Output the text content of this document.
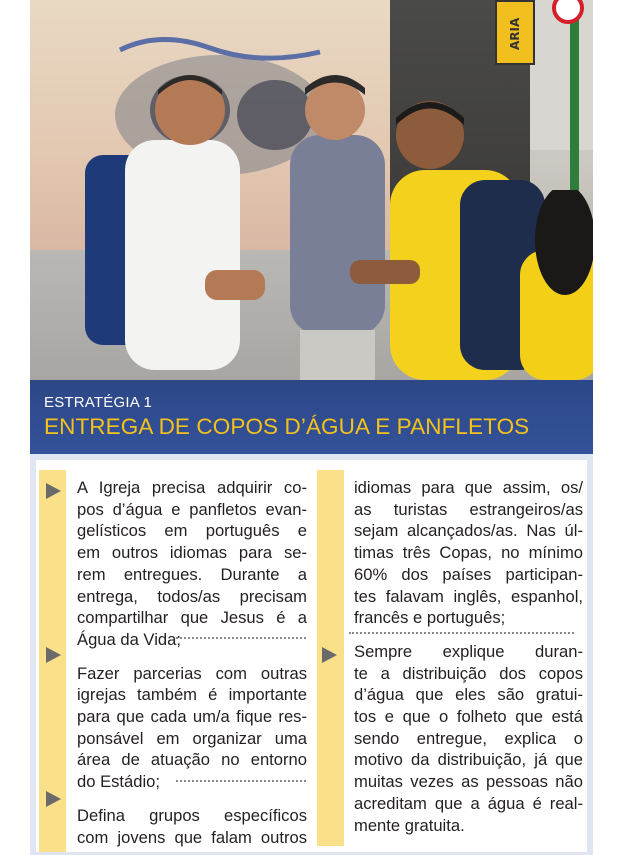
ARIA
ESTRATÉGIA 1
ENTREGA DE COPOS D’ÁGUA E PANFLETOS

A Igreja precisa adquirir co-
pos d’água e panfletos evan-
gelísticos em português e
em outros idiomas para se-
rem entregues. Durante a
entrega, todos/as precisam
compartilhar que Jesus é a
Água da Vida;

Fazer parcerias com outras
igrejas também é importante
para que cada um/a fique res-
ponsável em organizar uma
área de atuação no entorno
do Estádio;

Defina grupos específicos
com jovens que falam outros

idiomas para que assim, os/
as turistas estrangeiros/as
sejam alcançados/as. Nas úl-
timas três Copas, no mínimo
60% dos países participan-
tes falavam inglês, espanhol,
francês e português;

Sempre explique duran-
te a distribuição dos copos
d’água que eles são gratui-
tos e que o folheto que está
sendo entregue, explica o
motivo da distribuição, já que
muitas vezes as pessoas não
acreditam que a água é real-
mente gratuita.
